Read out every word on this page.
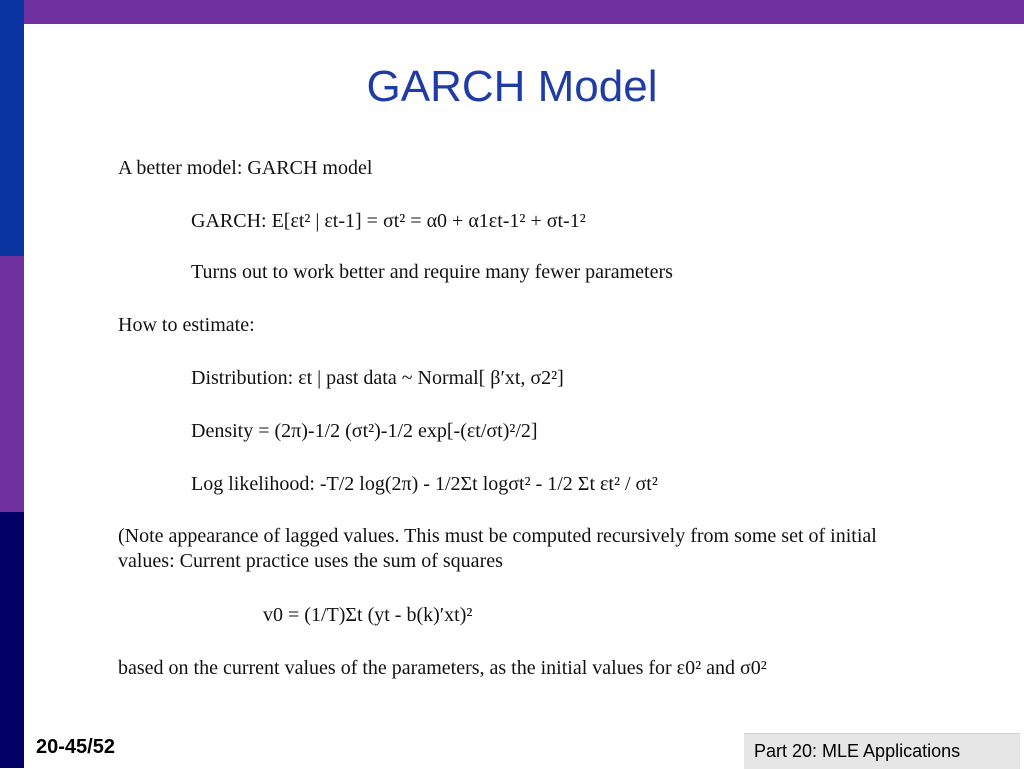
GARCH Model
A better model: GARCH model
GARCH: E[εt² | εt-1] = σt² = α0 + α1εt-1² + σt-1²
Turns out to work better and require many fewer parameters
How to estimate:
Distribution: εt | past data ~ Normal[ β′xt, σ2²]
Density = (2π)-1/2 (σt²)-1/2 exp[-(εt/σt)²/2]
Log likelihood: -T/2 log(2π) - 1/2Σt logσt² - 1/2 Σt εt² / σt²
(Note appearance of lagged values. This must be computed recursively from some set of initial
values: Current practice uses the sum of squares
v0 = (1/T)Σt (yt - b(k)′xt)²
based on the current values of the parameters, as the initial values for ε0² and σ0²
20-45/52	Part 20: MLE Applications
